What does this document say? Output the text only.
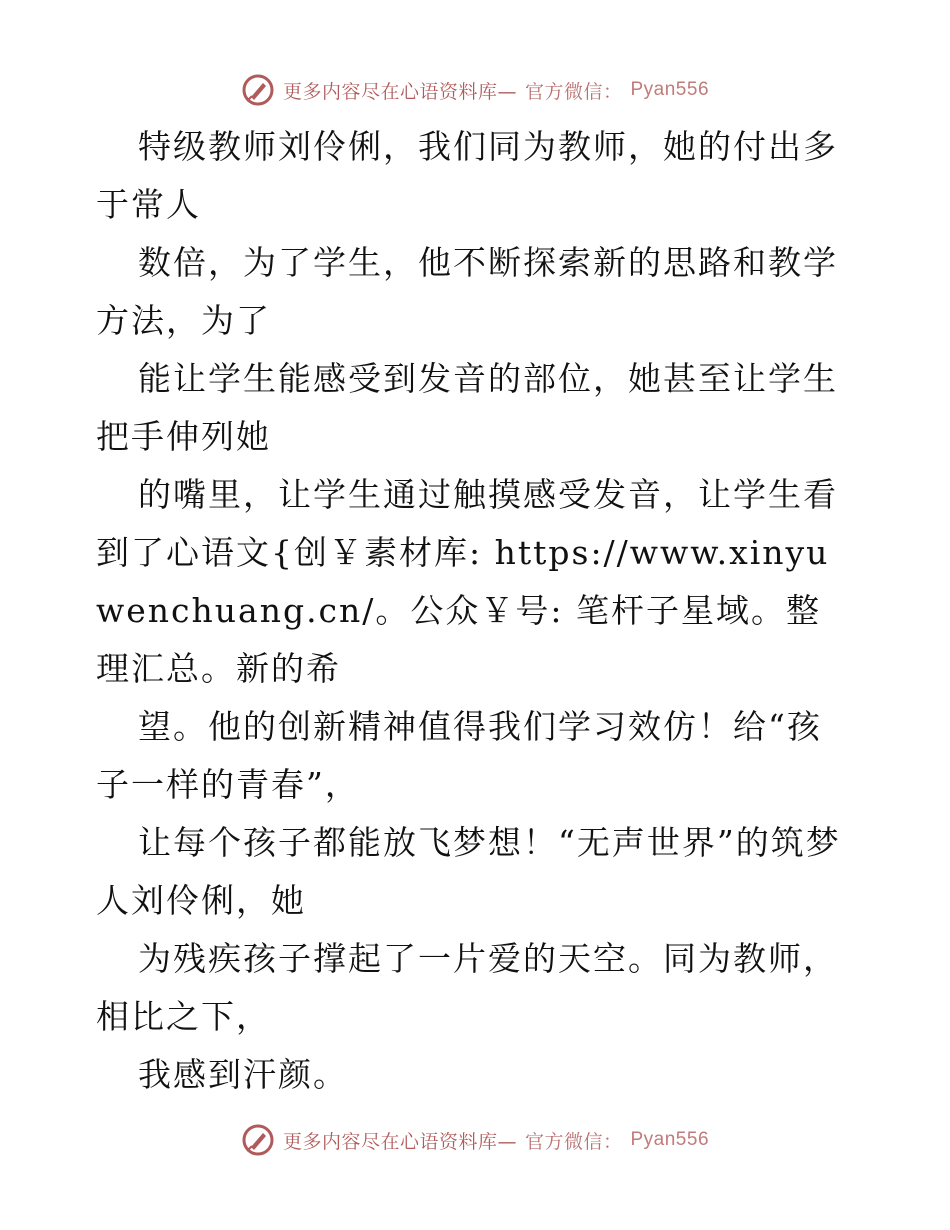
更多内容尽在心语资料库— 官方微信： Pyan556

特级教师刘伶俐，我们同为教师，她的付出多于常人

数倍，为了学生，他不断探索新的思路和教学方法，为了

能让学生能感受到发音的部位，她甚至让学生把手伸列她

的嘴里，让学生通过触摸感受发音，让学生看到了心语文{创￥素材库: https://www.xinyuwenchuang.cn/。公众￥号: 笔杆子星域。整理汇总。新的希

望。他的创新精神值得我们学习效仿！给“孩子一样的青春”，

让每个孩子都能放飞梦想！“无声世界”的筑梦人刘伶俐，她

为残疾孩子撑起了一片爱的天空。同为教师，相比之下，

我感到汗颜。

更多内容尽在心语资料库— 官方微信： Pyan556
